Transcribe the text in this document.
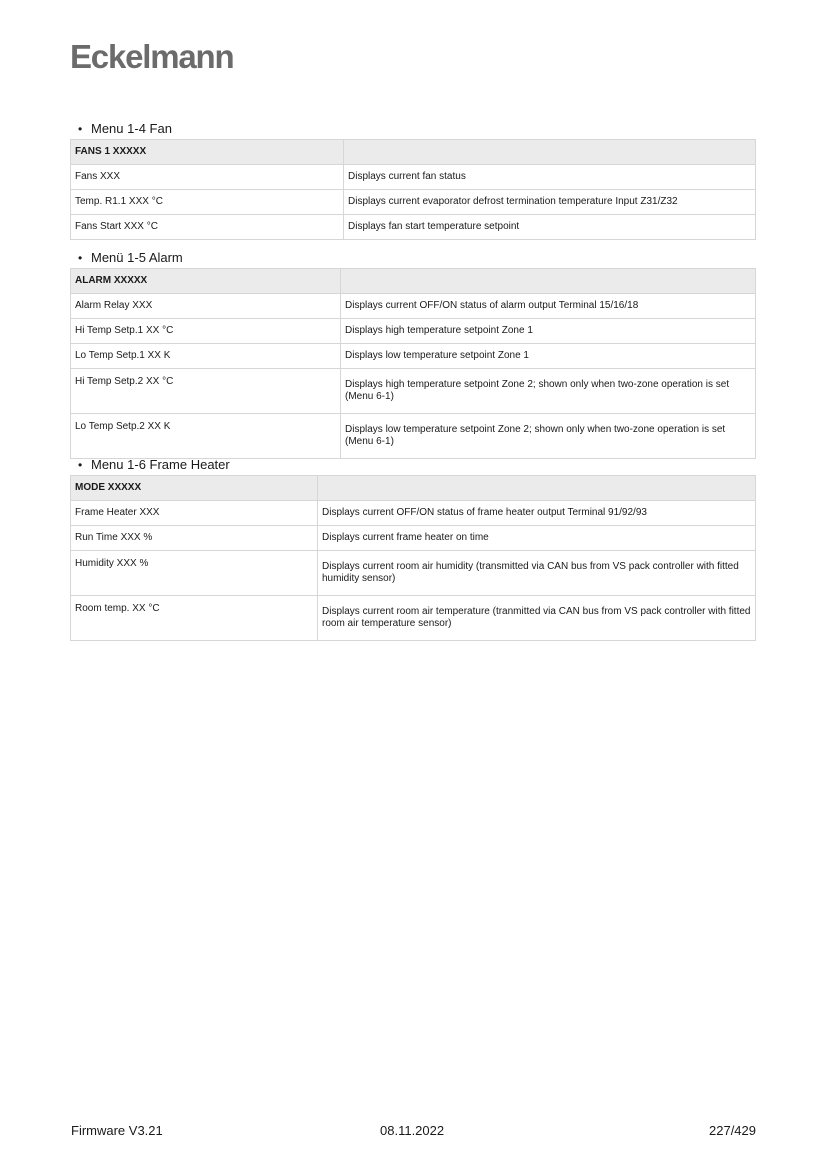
Eckelmann
• Menu 1-4 Fan
FANS 1 XXXXX	
Fans XXX	Displays current fan status
Temp. R1.1 XXX °C	Displays current evaporator defrost termination temperature Input Z31/Z32
Fans Start XXX °C	Displays fan start temperature setpoint
• Menü 1-5 Alarm
ALARM XXXXX	
Alarm Relay XXX	Displays current OFF/ON status of alarm output Terminal 15/16/18
Hi Temp Setp.1 XX °C	Displays high temperature setpoint Zone 1
Lo Temp Setp.1 XX K	Displays low temperature setpoint Zone 1
Hi Temp Setp.2 XX °C	Displays high temperature setpoint Zone 2; shown only when two-zone operation is set (Menu 6-1)
Lo Temp Setp.2 XX K	Displays low temperature setpoint Zone 2; shown only when two-zone operation is set (Menu 6-1)
• Menu 1-6 Frame Heater
MODE XXXXX	
Frame Heater XXX	Displays current OFF/ON status of frame heater output Terminal 91/92/93
Run Time XXX %	Displays current frame heater on time
Humidity XXX %	Displays current room air humidity (transmitted via CAN bus from VS pack controller with fitted humidity sensor)
Room temp. XX °C	Displays current room air temperature (tranmitted via CAN bus from VS pack controller with fitted room air temperature sensor)
Firmware V3.21	08.11.2022	227/429
